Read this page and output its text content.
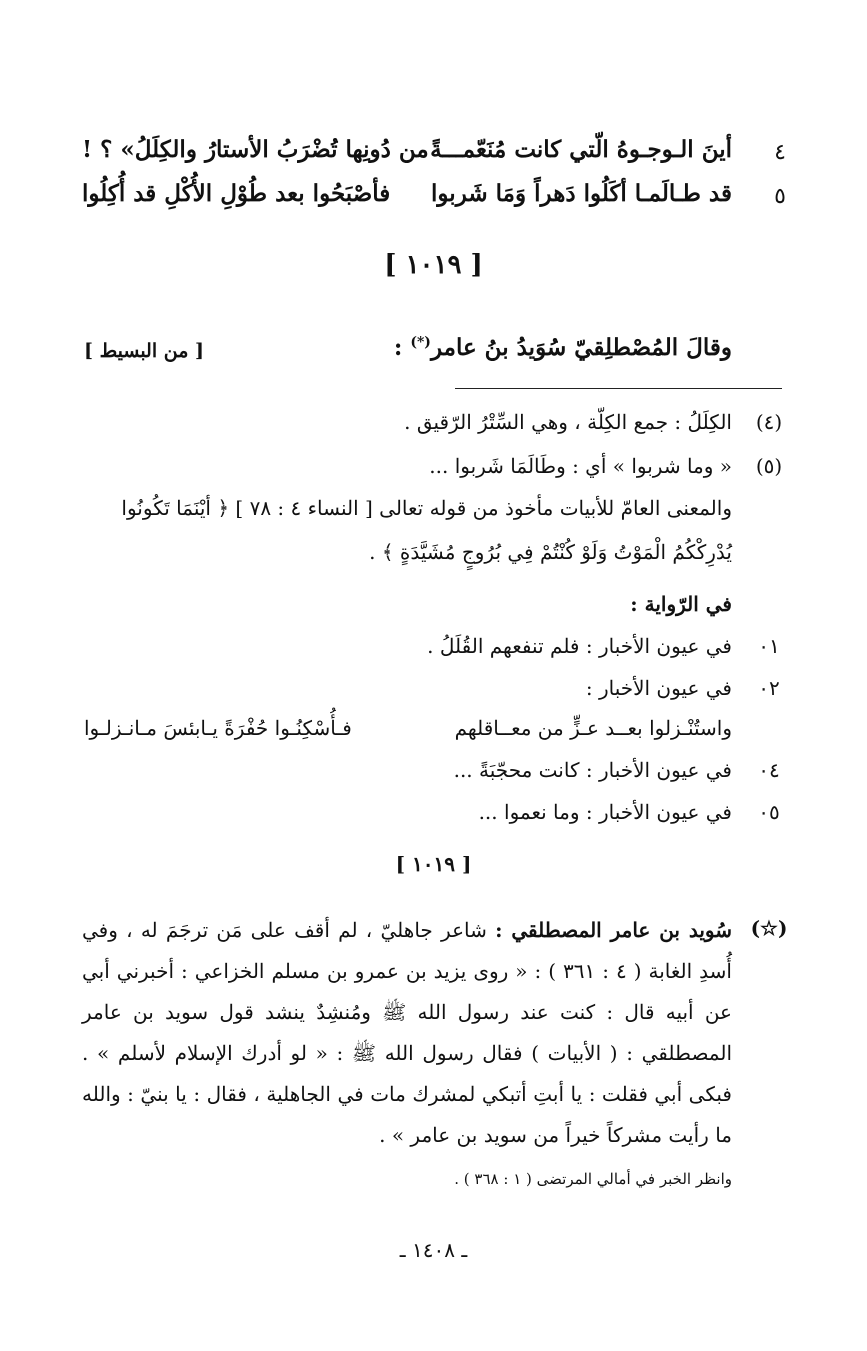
٤
أينَ الـوجـوهُ الّتي كانت مُنَعّمـــةً
من دُونِها تُضْرَبُ الأستارُ والكِلَلُ» ؟ !
٥
قد طـالَمـا أكَلُوا دَهراً وَمَا شَربوا
فأصْبَحُوا بعد طُوْلِ الأُكْلِ قد أُكِلُوا
[ ١٠١٩ ]
وقالَ المُصْطلِقيّ سُوَيدُ بنُ عامر(*) :
[ من البسيط ]
(٤)
الكِلَلُ : جمع الكِلّة ، وهي السِّتْرُ الرّقيق .
(٥)
« وما شربوا » أي : وطَالَمَا شَربوا ...
والمعنى العامّ للأبيات مأخوذ من قوله تعالى [ النساء ٤ : ٧٨ ] ﴿ أيْنَمَا تَكُونُوا
يُدْرِكْكُمُ الْمَوْتُ وَلَوْ كُنْتُمْ فِي بُرُوجٍ مُشَيَّدَةٍ ﴾ .
في الرّواية :
٠١
في عيون الأخبار : فلم تنفعهم القُلَلُ .
٠٢
في عيون الأخبار :
واستُنْـزلوا بعــد عـزٍّ من معــاقلهم
فـأُسْكِنُـوا حُفْرَةً يـابئسَ مـانـزلـوا
٠٤
في عيون الأخبار : كانت محجّبَةً ...
٠٥
في عيون الأخبار : وما نعموا ...
[ ١٠١٩ ]
(☆)
سُويد بن عامر المصطلقي : شاعر جاهليّ ، لم أقف على مَن ترجَمَ له ، وفي أُسدِ الغابة ( ٤ : ٣٦١ ) : « روى يزيد بن عمرو بن مسلم الخزاعي : أخبرني أبي عن أبيه قال : كنت عند رسول الله ﷺ ومُنشِدٌ ينشد قول سويد بن عامر المصطلقي : ( الأبيات ) فقال رسول الله ﷺ : « لو أدرك الإسلام لأسلم » . فبكى أبي فقلت : يا أبتِ أتبكي لمشرك مات في الجاهلية ، فقال : يا بنيّ : والله ما رأيت مشركاً خيراً من سويد بن عامر » .
وانظر الخبر في أمالي المرتضى ( ١ : ٣٦٨ ) .
ـ ١٤٠٨ ـ
